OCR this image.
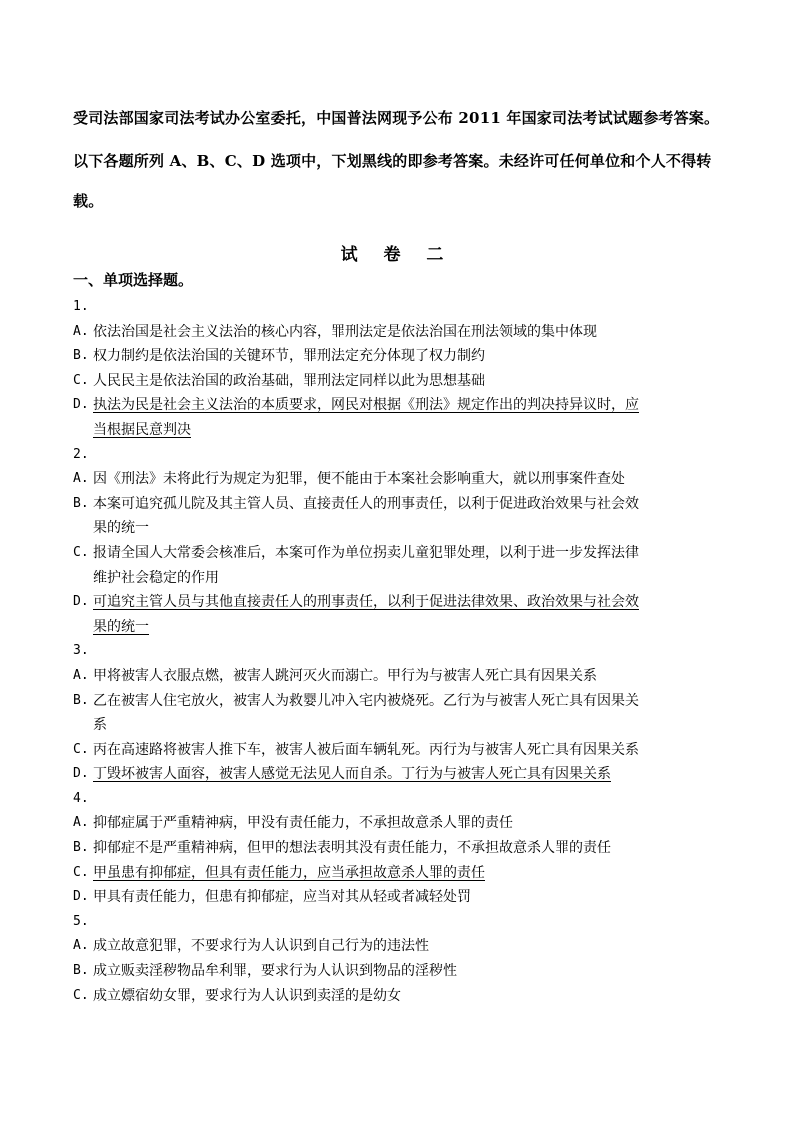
受司法部国家司法考试办公室委托，中国普法网现予公布 2011 年国家司法考试试题参考答案。
以下各题所列 A、B、C、D 选项中，下划黑线的即参考答案。未经许可任何单位和个人不得转
载。
试 卷 二
一、单项选择题。
1.
A. 依法治国是社会主义法治的核心内容，罪刑法定是依法治国在刑法领域的集中体现
B. 权力制约是依法治国的关键环节，罪刑法定充分体现了权力制约
C. 人民民主是依法治国的政治基础，罪刑法定同样以此为思想基础
D. 执法为民是社会主义法治的本质要求，网民对根据《刑法》规定作出的判决持异议时，应
当根据民意判决
2.
A. 因《刑法》未将此行为规定为犯罪，便不能由于本案社会影响重大，就以刑事案件查处
B. 本案可追究孤儿院及其主管人员、直接责任人的刑事责任，以利于促进政治效果与社会效
果的统一
C. 报请全国人大常委会核准后，本案可作为单位拐卖儿童犯罪处理，以利于进一步发挥法律
维护社会稳定的作用
D. 可追究主管人员与其他直接责任人的刑事责任，以利于促进法律效果、政治效果与社会效
果的统一
3.
A. 甲将被害人衣服点燃，被害人跳河灭火而溺亡。甲行为与被害人死亡具有因果关系
B. 乙在被害人住宅放火，被害人为救婴儿冲入宅内被烧死。乙行为与被害人死亡具有因果关
系
C. 丙在高速路将被害人推下车，被害人被后面车辆轧死。丙行为与被害人死亡具有因果关系
D. 丁毁坏被害人面容，被害人感觉无法见人而自杀。丁行为与被害人死亡具有因果关系
4.
A. 抑郁症属于严重精神病，甲没有责任能力，不承担故意杀人罪的责任
B. 抑郁症不是严重精神病，但甲的想法表明其没有责任能力，不承担故意杀人罪的责任
C. 甲虽患有抑郁症，但具有责任能力，应当承担故意杀人罪的责任
D. 甲具有责任能力，但患有抑郁症，应当对其从轻或者减轻处罚
5.
A. 成立故意犯罪，不要求行为人认识到自己行为的违法性
B. 成立贩卖淫秽物品牟利罪，要求行为人认识到物品的淫秽性
C. 成立嫖宿幼女罪，要求行为人认识到卖淫的是幼女
